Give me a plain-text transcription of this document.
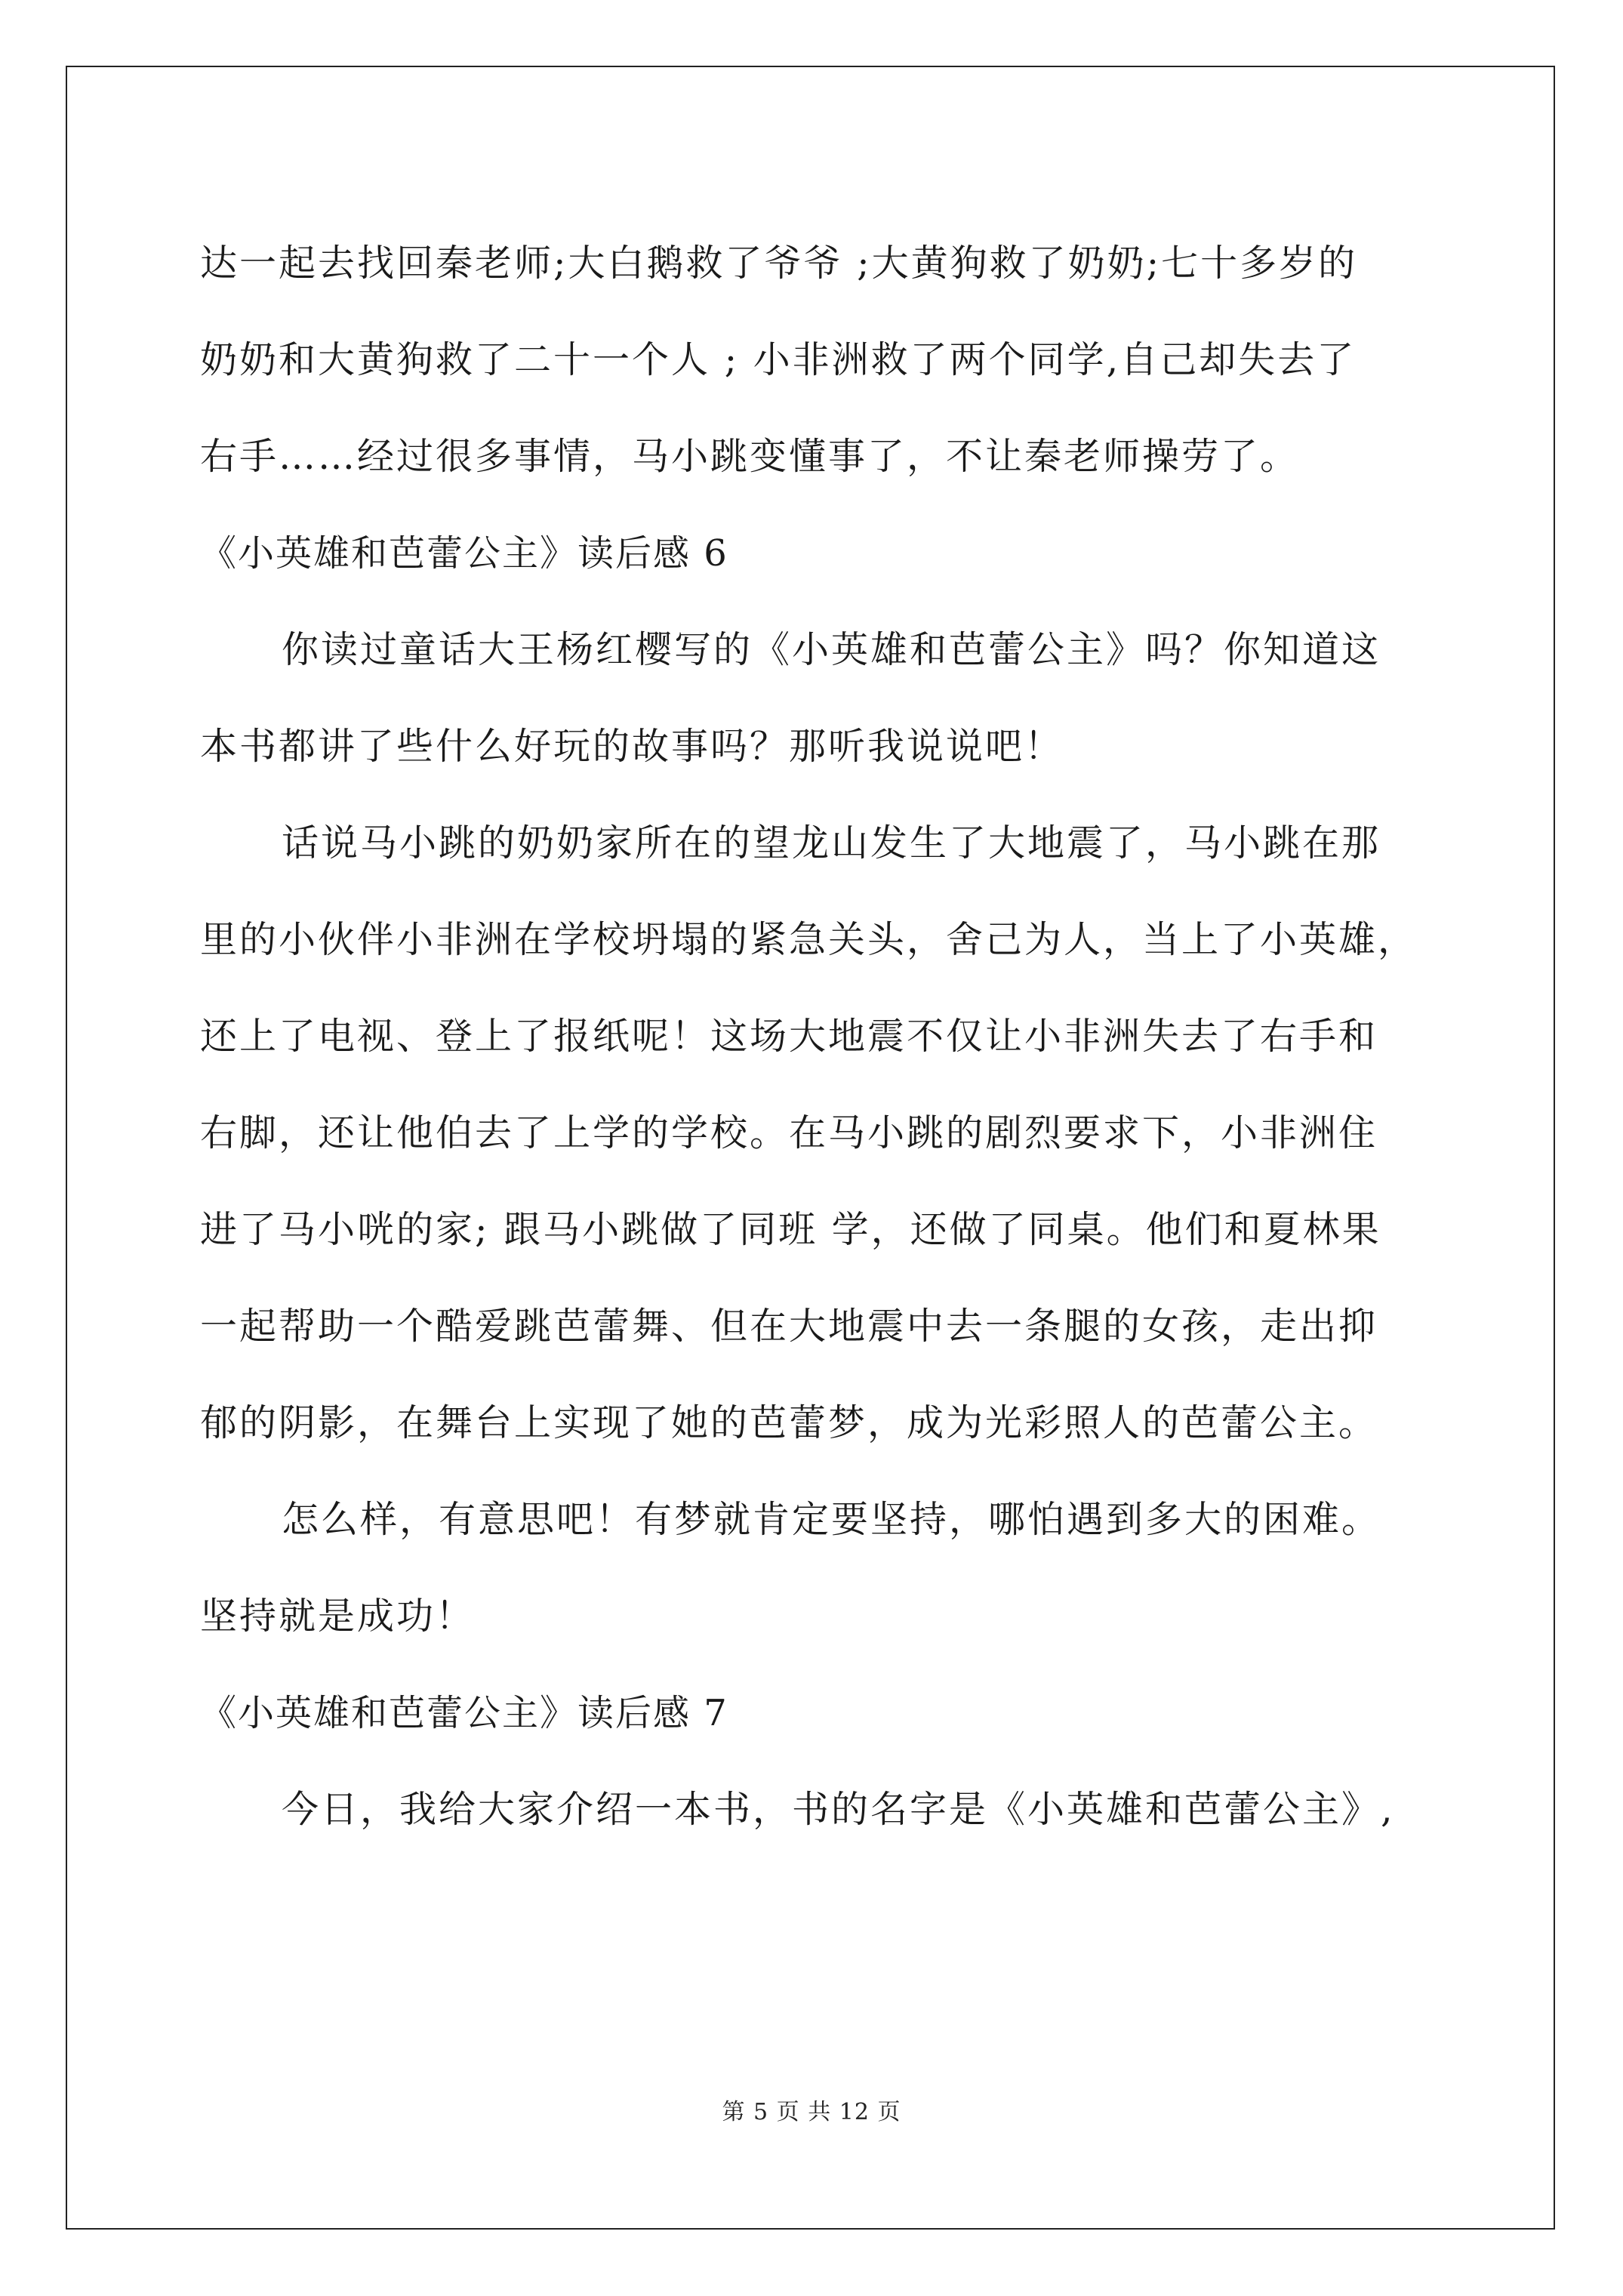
达一起去找回秦老师;大白鹅救了爷爷 ;大黄狗救了奶奶;七十多岁的
奶奶和大黄狗救了二十一个人 ; 小非洲救了两个同学,自己却失去了
右手……经过很多事情，马小跳变懂事了，不让秦老师操劳了。
《小英雄和芭蕾公主》读后感 6
你读过童话大王杨红樱写的《小英雄和芭蕾公主》吗？你知道这
本书都讲了些什么好玩的故事吗？那听我说说吧！
话说马小跳的奶奶家所在的望龙山发生了大地震了，马小跳在那
里的小伙伴小非洲在学校坍塌的紧急关头，舍己为人，当上了小英雄，
还上了电视、登上了报纸呢！这场大地震不仅让小非洲失去了右手和
右脚，还让他伯去了上学的学校。在马小跳的剧烈要求下，小非洲住
进了马小咣的家; 跟马小跳做了同班 学，还做了同桌。他们和夏林果
一起帮助一个酷爱跳芭蕾舞、但在大地震中去一条腿的女孩，走出抑
郁的阴影，在舞台上实现了她的芭蕾梦，成为光彩照人的芭蕾公主。
怎么样，有意思吧！有梦就肯定要坚持，哪怕遇到多大的困难。
坚持就是成功！
《小英雄和芭蕾公主》读后感 7
今日，我给大家介绍一本书，书的名字是《小英雄和芭蕾公主》,
第 5 页 共 12 页
